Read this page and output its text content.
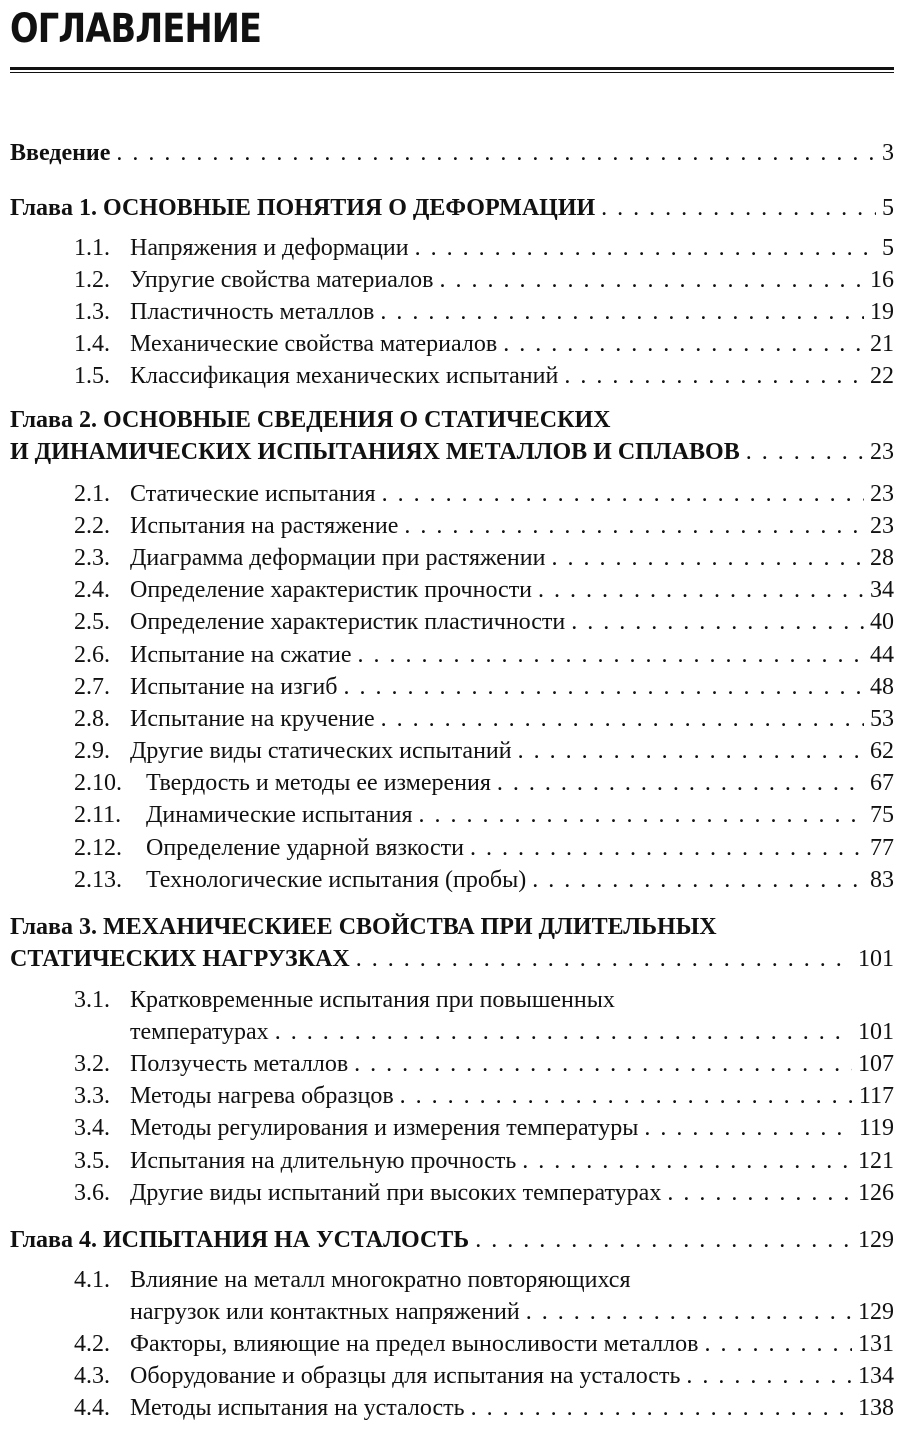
ОГЛАВЛЕНИЕ
Введение . . .	3
Глава 1. ОСНОВНЫЕ ПОНЯТИЯ О ДЕФОРМАЦИИ . . .	5
1.1. Напряжения и деформации . . .	5
1.2. Упругие свойства материалов . . .	16
1.3. Пластичность металлов . . .	19
1.4. Механические свойства материалов . . .	21
1.5. Классификация механических испытаний . . .	22
Глава 2. ОСНОВНЫЕ СВЕДЕНИЯ О СТАТИЧЕСКИХ
И ДИНАМИЧЕСКИХ ИСПЫТАНИЯХ МЕТАЛЛОВ И СПЛАВОВ . . .	23
2.1. Статические испытания . . .	23
2.2. Испытания на растяжение . . .	23
2.3. Диаграмма деформации при растяжении . . .	28
2.4. Определение характеристик прочности . . .	34
2.5. Определение характеристик пластичности . . .	40
2.6. Испытание на сжатие . . .	44
2.7. Испытание на изгиб . . .	48
2.8. Испытание на кручение . . .	53
2.9. Другие виды статических испытаний . . .	62
2.10.	Твердость и методы ее измерения . . .	67
2.11.	Динамические испытания . . .	75
2.12.	Определение ударной вязкости . . .	77
2.13.	Технологические испытания (пробы) . . .	83
Глава 3. МЕХАНИЧЕСКИЕЕ СВОЙСТВА ПРИ ДЛИТЕЛЬНЫХ
СТАТИЧЕСКИХ НАГРУЗКАХ . . .	101
3.1. Кратковременные испытания при повышенных
температурах . . .	101
3.2. Ползучесть металлов . . .	107
3.3. Методы нагрева образцов . . .	117
3.4. Методы регулирования и измерения температуры . . .	119
3.5. Испытания на длительную прочность . . .	121
3.6. Другие виды испытаний при высоких температурах . . .	126
Глава 4. ИСПЫТАНИЯ НА УСТАЛОСТЬ . . .	129
4.1. Влияние на металл многократно повторяющихся
нагрузок или контактных напряжений . . .	129
4.2. Факторы, влияющие на предел выносливости металлов . . .	131
4.3. Оборудование и образцы для испытания на усталость . . .	134
4.4. Методы испытания на усталость . . .	138
